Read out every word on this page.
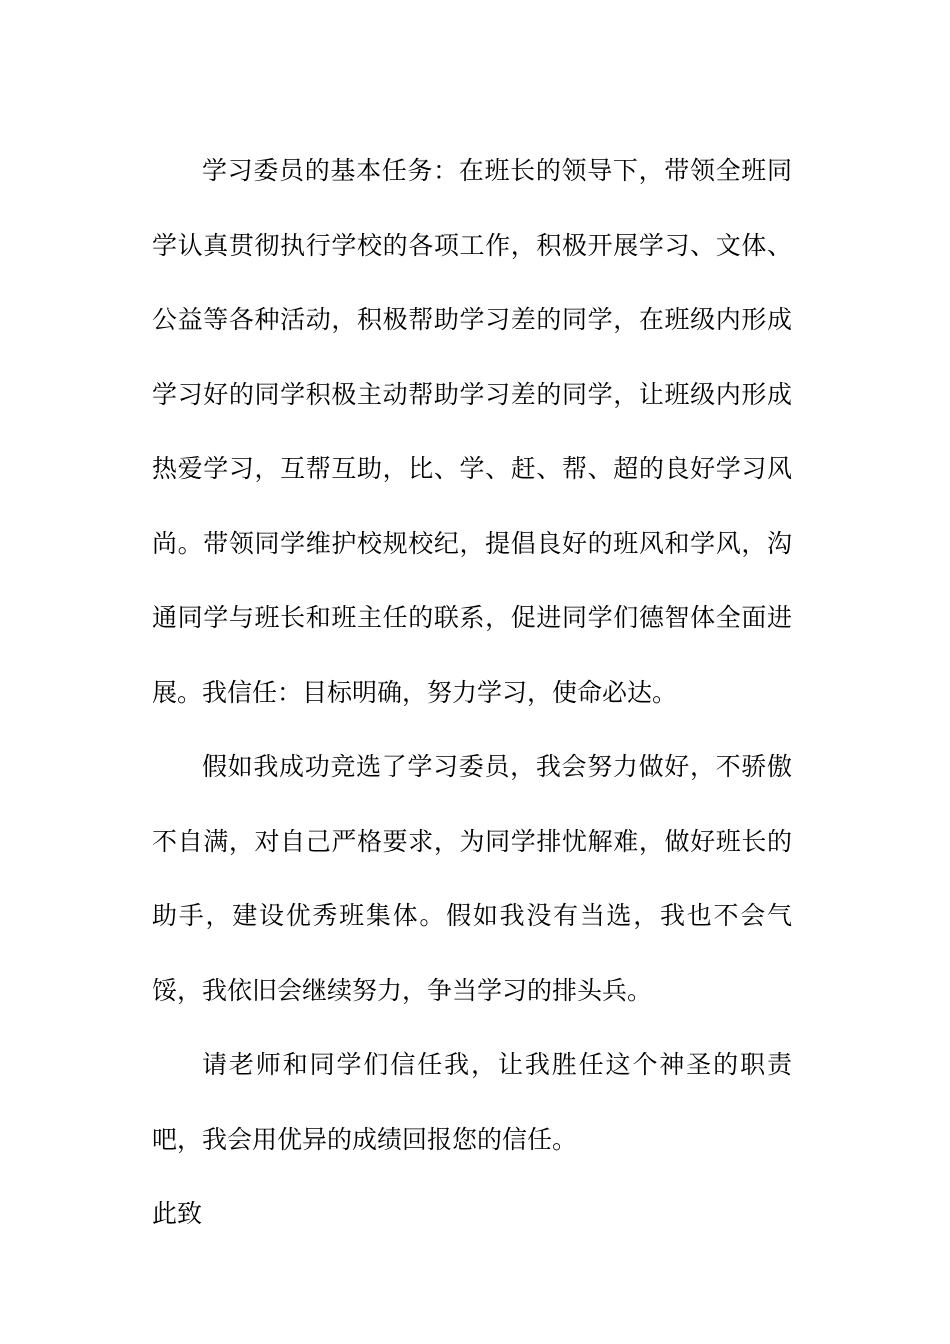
学习委员的基本任务：在班长的领导下，带领全班同学认真贯彻执行学校的各项工作，积极开展学习、文体、公益等各种活动，积极帮助学习差的同学，在班级内形成学习好的同学积极主动帮助学习差的同学，让班级内形成热爱学习，互帮互助，比、学、赶、帮、超的良好学习风尚。带领同学维护校规校纪，提倡良好的班风和学风，沟通同学与班长和班主任的联系，促进同学们德智体全面进展。我信任：目标明确，努力学习，使命必达。

假如我成功竞选了学习委员，我会努力做好，不骄傲不自满，对自己严格要求，为同学排忧解难，做好班长的助手，建设优秀班集体。假如我没有当选，我也不会气馁，我依旧会继续努力，争当学习的排头兵。

请老师和同学们信任我，让我胜任这个神圣的职责吧，我会用优异的成绩回报您的信任。

此致
